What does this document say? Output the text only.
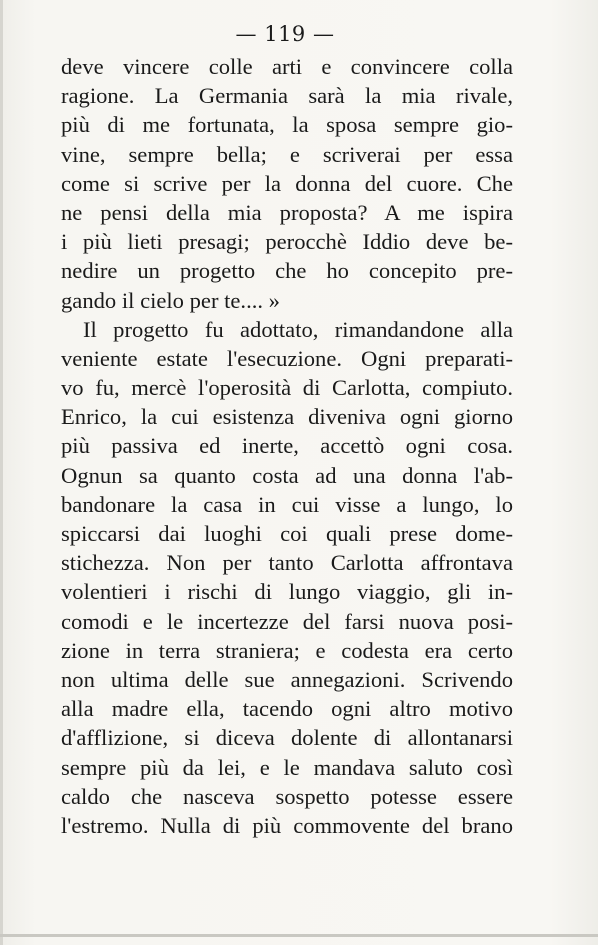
— 119 —
deve vincere colle arti e convincere colla
ragione. La Germania sarà la mia rivale,
più di me fortunata, la sposa sempre gio-
vine, sempre bella; e scriverai per essa
come si scrive per la donna del cuore. Che
ne pensi della mia proposta? A me ispira
i più lieti presagi; perocchè Iddio deve be-
nedire un progetto che ho concepito pre-
gando il cielo per te.... »
Il progetto fu adottato, rimandandone alla
veniente estate l'esecuzione. Ogni preparati-
vo fu, mercè l'operosità di Carlotta, compiuto.
Enrico, la cui esistenza diveniva ogni giorno
più passiva ed inerte, accettò ogni cosa.
Ognun sa quanto costa ad una donna l'ab-
bandonare la casa in cui visse a lungo, lo
spiccarsi dai luoghi coi quali prese dome-
stichezza. Non per tanto Carlotta affrontava
volentieri i rischi di lungo viaggio, gli in-
comodi e le incertezze del farsi nuova posi-
zione in terra straniera; e codesta era certo
non ultima delle sue annegazioni. Scrivendo
alla madre ella, tacendo ogni altro motivo
d'afflizione, si diceva dolente di allontanarsi
sempre più da lei, e le mandava saluto così
caldo che nasceva sospetto potesse essere
l'estremo. Nulla di più commovente del brano
